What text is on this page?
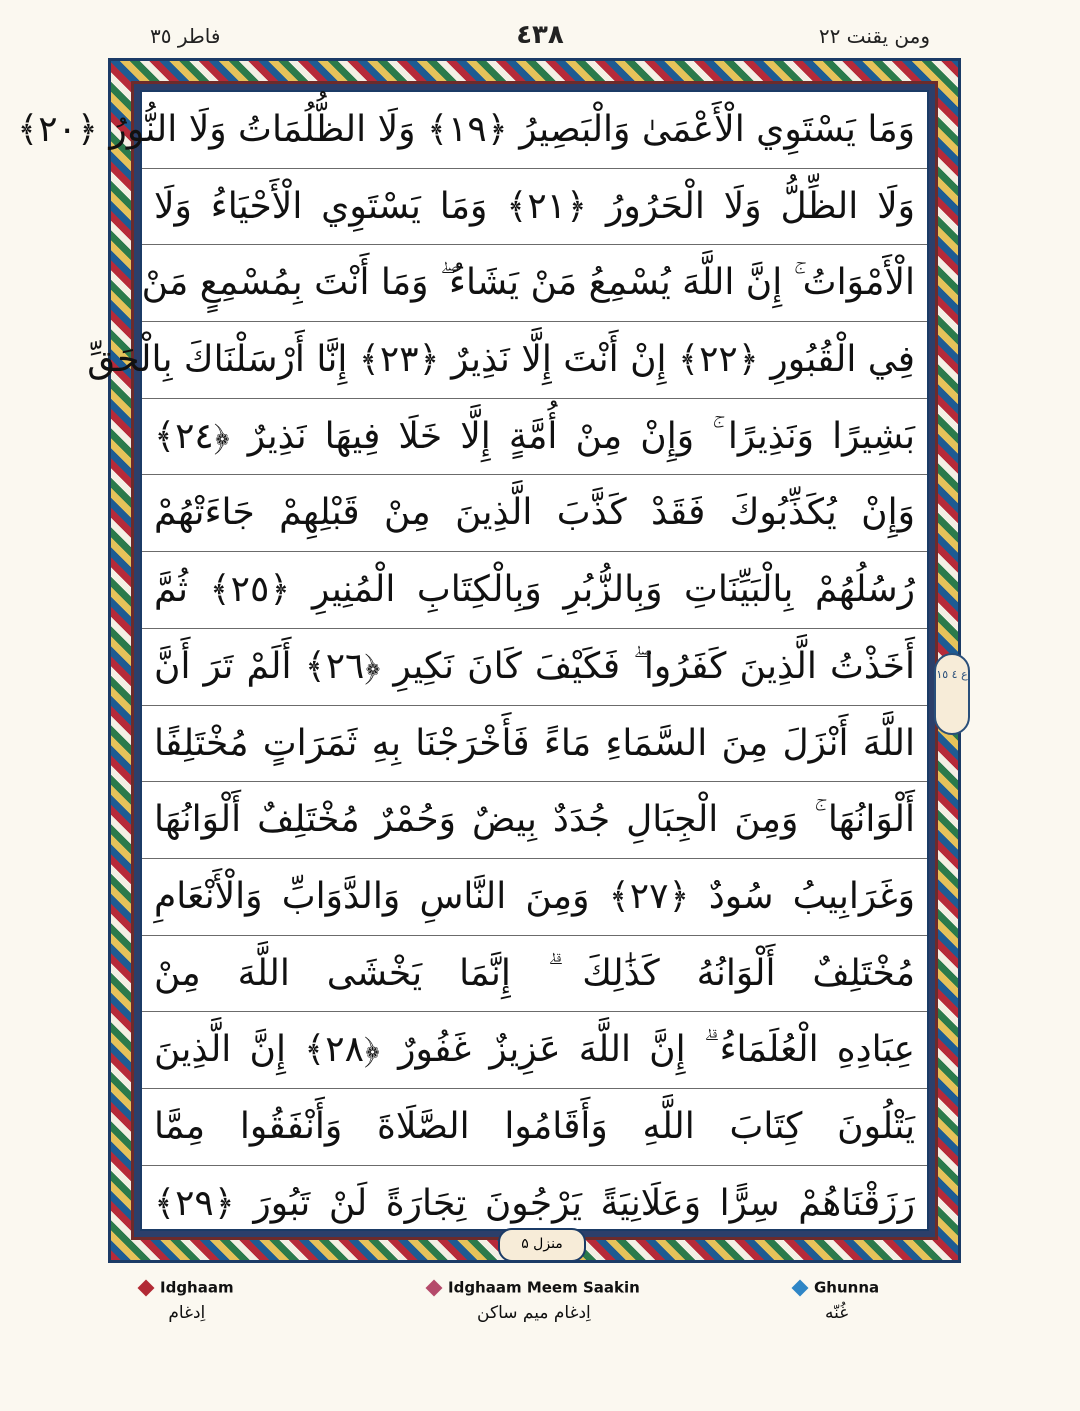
فاطر ٣٥	٤٣٨	ومن يقنت ٢٢
وَمَا يَسْتَوِي الْأَعْمَىٰ وَالْبَصِيرُ ﴿١٩﴾ وَلَا الظُّلُمَاتُ وَلَا النُّورُ ﴿٢٠﴾
وَلَا الظِّلُّ وَلَا الْحَرُورُ ﴿٢١﴾ وَمَا يَسْتَوِي الْأَحْيَاءُ وَلَا
الْأَمْوَاتُ ۚ إِنَّ اللَّهَ يُسْمِعُ مَنْ يَشَاءُ ۖ وَمَا أَنْتَ بِمُسْمِعٍ مَنْ
فِي الْقُبُورِ ﴿٢٢﴾ إِنْ أَنْتَ إِلَّا نَذِيرٌ ﴿٢٣﴾ إِنَّا أَرْسَلْنَاكَ بِالْحَقِّ
بَشِيرًا وَنَذِيرًا ۚ وَإِنْ مِنْ أُمَّةٍ إِلَّا خَلَا فِيهَا نَذِيرٌ ﴿٢٤﴾
وَإِنْ يُكَذِّبُوكَ فَقَدْ كَذَّبَ الَّذِينَ مِنْ قَبْلِهِمْ جَاءَتْهُمْ
رُسُلُهُمْ بِالْبَيِّنَاتِ وَبِالزُّبُرِ وَبِالْكِتَابِ الْمُنِيرِ ﴿٢٥﴾ ثُمَّ
أَخَذْتُ الَّذِينَ كَفَرُوا ۖ فَكَيْفَ كَانَ نَكِيرِ ﴿٢٦﴾ أَلَمْ تَرَ أَنَّ
اللَّهَ أَنْزَلَ مِنَ السَّمَاءِ مَاءً فَأَخْرَجْنَا بِهِ ثَمَرَاتٍ مُخْتَلِفًا
أَلْوَانُهَا ۚ وَمِنَ الْجِبَالِ جُدَدٌ بِيضٌ وَحُمْرٌ مُخْتَلِفٌ أَلْوَانُهَا
وَغَرَابِيبُ سُودٌ ﴿٢٧﴾ وَمِنَ النَّاسِ وَالدَّوَابِّ وَالْأَنْعَامِ
مُخْتَلِفٌ أَلْوَانُهُ كَذَٰلِكَ ۗ إِنَّمَا يَخْشَى اللَّهَ مِنْ
عِبَادِهِ الْعُلَمَاءُ ۗ إِنَّ اللَّهَ عَزِيزٌ غَفُورٌ ﴿٢٨﴾ إِنَّ الَّذِينَ
يَتْلُونَ كِتَابَ اللَّهِ وَأَقَامُوا الصَّلَاةَ وَأَنْفَقُوا مِمَّا
رَزَقْنَاهُمْ سِرًّا وَعَلَانِيَةً يَرْجُونَ تِجَارَةً لَنْ تَبُورَ ﴿٢٩﴾
منزل ۵
ع ٤ ١٥
Idghaam
اِدغام
Idghaam Meem Saakin
اِدغام میم ساکن
Ghunna
غُنّه
